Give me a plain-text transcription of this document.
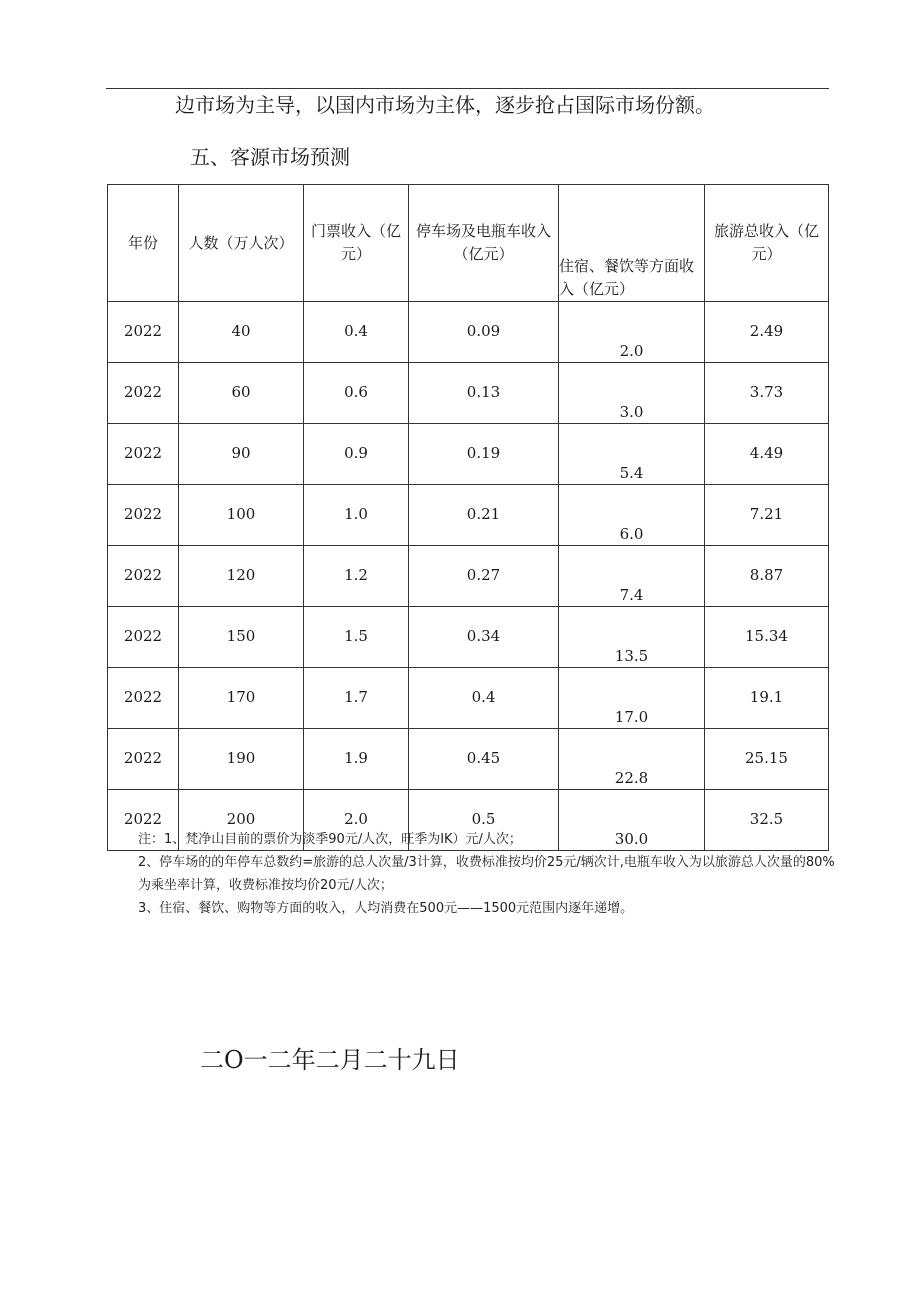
边市场为主导，以国内市场为主体，逐步抢占国际市场份额。
五、客源市场预测
年份	人数（万人次）	门票收入（亿元）	停车场及电瓶车收入（亿元）	住宿、餐饮等方面收入（亿元）	旅游总收入（亿元）

2022	40	0.4	0.09	2.0	2.49

2022	60	0.6	0.13	3.0	3.73

2022	90	0.9	0.19	5.4	4.49

2022	100	1.0	0.21	6.0	7.21

2022	120	1.2	0.27	7.4	8.87

2022	150	1.5	0.34	13.5	15.34

2022	170	1.7	0.4	17.0	19.1

2022	190	1.9	0.45	22.8	25.15

2022	200	2.0	0.5	30.0	32.5

注：1、梵净山目前的票价为淡季90元/人次，旺季为IK）元/人次；

2、停车场的的年停车总数约=旅游的总人次量/3计算，收费标准按均价25元/辆次计,电瓶车收入为以旅游总人次量的80%为乘坐率计算，收费标准按均价20元/人次；

3、住宿、餐饮、购物等方面的收入，人均消费在500元——1500元范围内逐年递增。

二O一二年二月二十九日
